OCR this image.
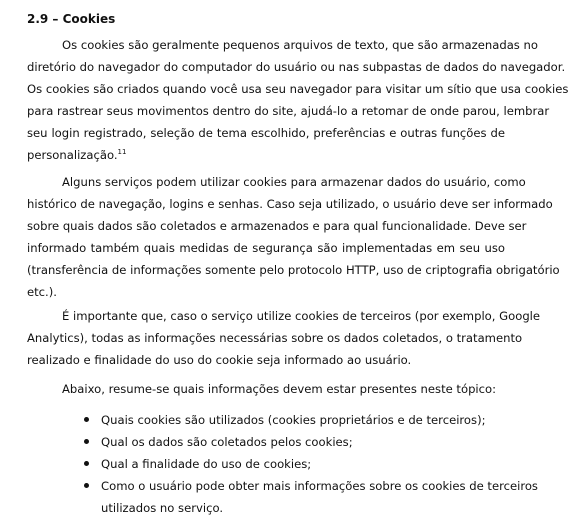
2.9 – Cookies
Os cookies são geralmente pequenos arquivos de texto, que são armazenadas no
diretório do navegador do computador do usuário ou nas subpastas de dados do navegador.
Os cookies são criados quando você usa seu navegador para visitar um sítio que usa cookies
para rastrear seus movimentos dentro do site, ajudá-lo a retomar de onde parou, lembrar
seu login registrado, seleção de tema escolhido, preferências e outras funções de
personalização.$^{11}$
Alguns serviços podem utilizar cookies para armazenar dados do usuário, como
histórico de navegação, logins e senhas. Caso seja utilizado, o usuário deve ser informado
sobre quais dados são coletados e armazenados e para qual funcionalidade. Deve ser
informado também quais medidas de segurança são implementadas em seu uso
(transferência de informações somente pelo protocolo HTTP, uso de criptografia obrigatório
etc.).
É importante que, caso o serviço utilize cookies de terceiros (por exemplo, Google
Analytics), todas as informações necessárias sobre os dados coletados, o tratamento
realizado e finalidade do uso do cookie seja informado ao usuário.
Abaixo, resume-se quais informações devem estar presentes neste tópico:
Quais cookies são utilizados (cookies proprietários e de terceiros);
Qual os dados são coletados pelos cookies;
Qual a finalidade do uso de cookies;
Como o usuário pode obter mais informações sobre os cookies de terceiros
utilizados no serviço.
